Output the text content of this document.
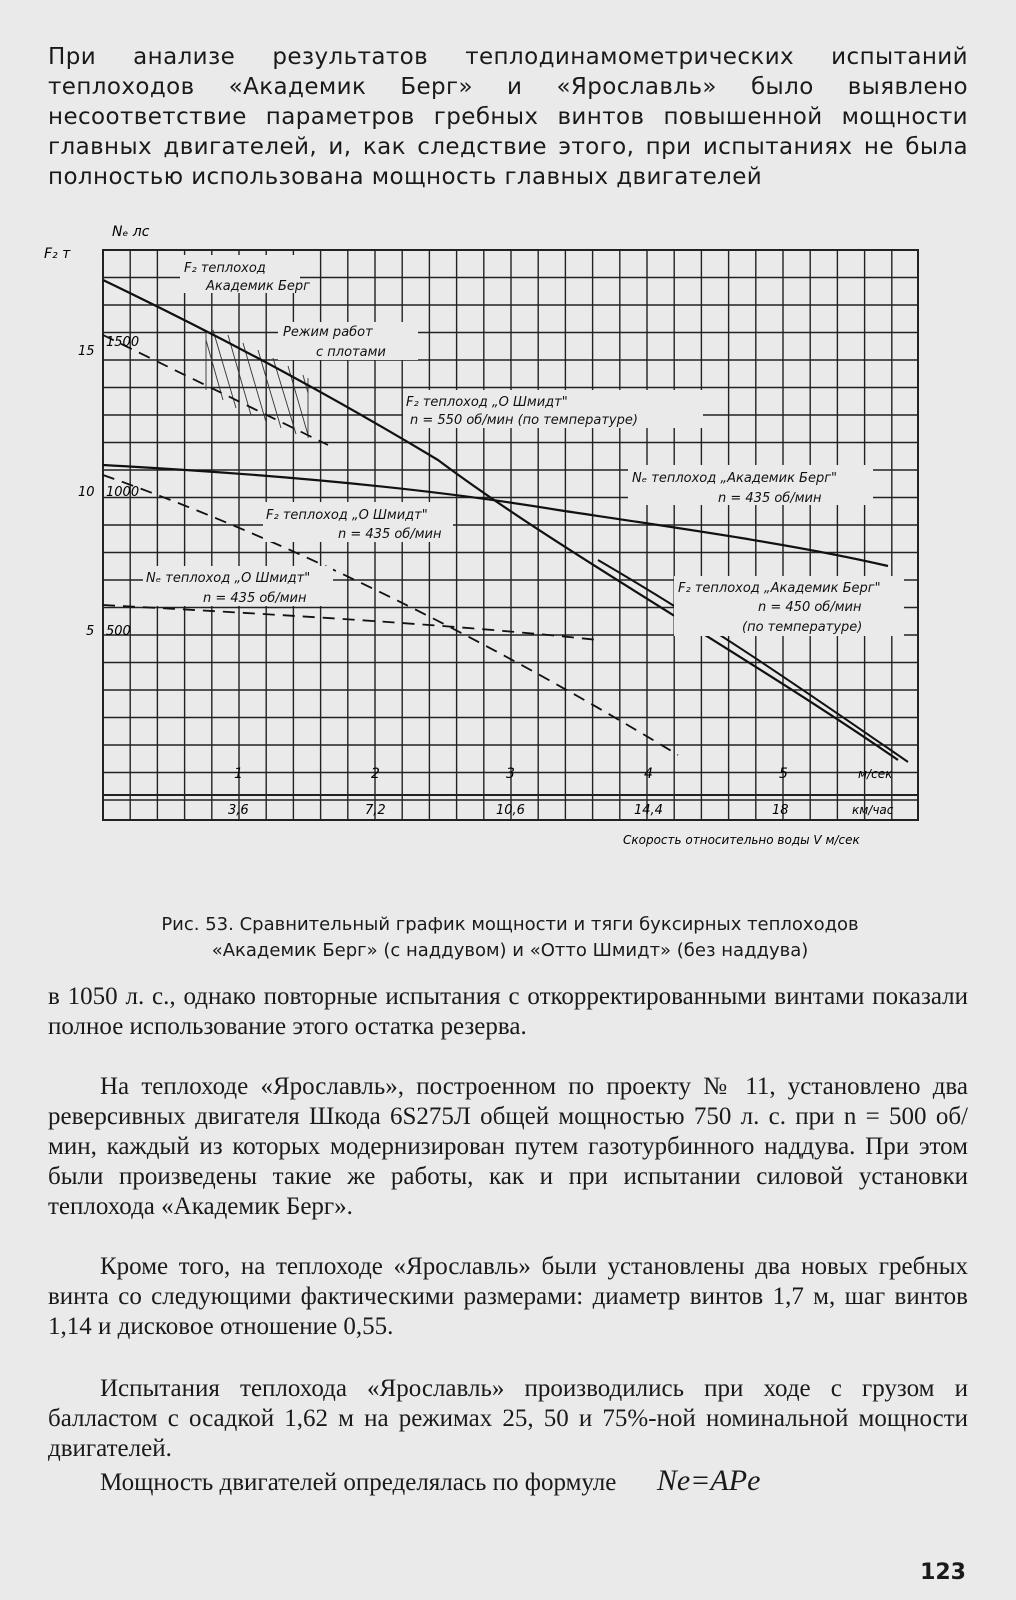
При анализе результатов теплодинамометрических испытаний теплоходов «Академик Берг» и «Ярославль» было выявлено несоответствие параметров гребных винтов повышенной мощности главных двигателей, и, как следствие этого, при испытаниях не была полностью использована мощность главных двигателей

Nₑ лс
F₂ т
15
10
5
1500
1000
500
1	2	3	4	5	м/сек
3,6	7,2	10,6	14,4	18	км/час
Скорость относительно воды V м/сек
F₂ теплоход
Академик Берг
Режим работ
с плотами
F₂ теплоход „О Шмидт"
n = 550 об/мин (по температуре)
Nₑ теплоход „Академик Берг"
n = 435 об/мин
F₂ теплоход „О Шмидт"
n = 435 об/мин
Nₑ теплоход „О Шмидт"
n = 435 об/мин
F₂ теплоход „Академик Берг"
n = 450 об/мин
(по температуре)
Рис. 53. Сравнительный график мощности и тяги буксирных теплоходов
«Академик Берг» (с наддувом) и «Отто Шмидт» (без наддува)

в 1050 л. с., однако повторные испытания с откорректированными винтами показали полное использование этого остатка резерва.

На теплоходе «Ярославль», построенном по проекту № 11, установлено два реверсивных двигателя Шкода 6S275Л общей мощностью 750 л. с. при n = 500 об/мин, каждый из которых модернизирован путем газотурбинного наддува. При этом были произведены такие же работы, как и при испытании силовой установки теплохода «Академик Берг».

Кроме того, на теплоходе «Ярославль» были установлены два новых гребных винта со следующими фактическими размерами: диаметр винтов 1,7 м, шаг винтов 1,14 и дисковое отношение 0,55.

Испытания теплохода «Ярославль» производились при ходе с грузом и балластом с осадкой 1,62 м на режимах 25, 50 и 75%-ной номинальной мощности двигателей.

Мощность двигателей определялась по формуле Ne=APe

123
